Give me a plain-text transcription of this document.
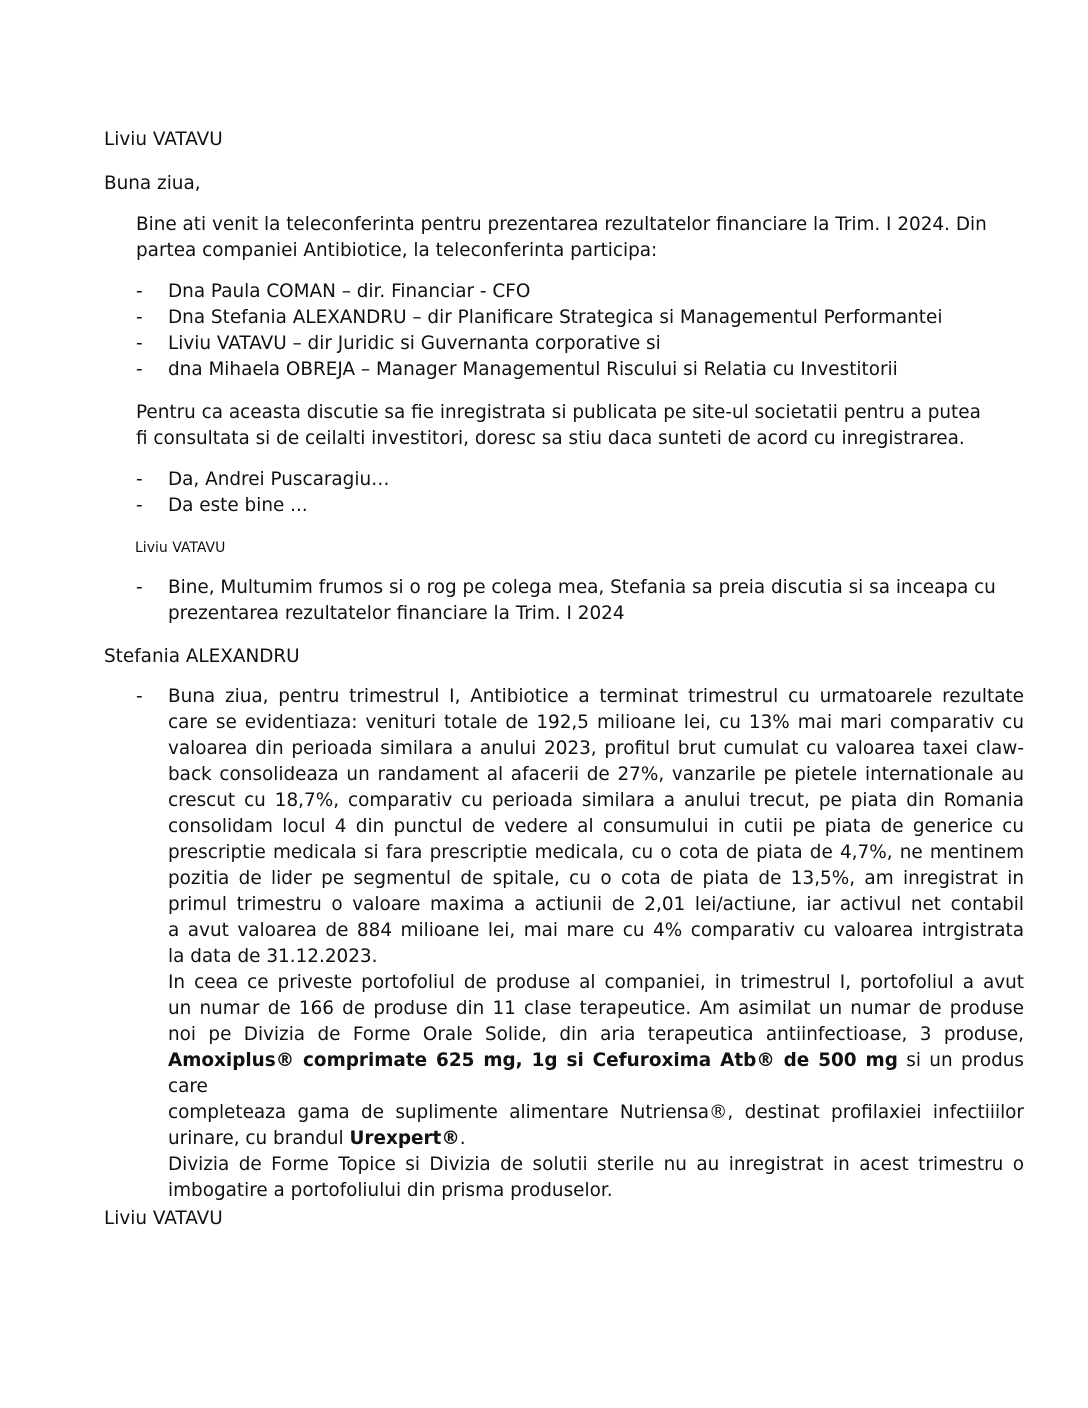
Liviu VATAVU

Buna ziua,

Bine ati venit la teleconferinta pentru prezentarea rezultatelor financiare la Trim. I 2024. Din
partea companiei Antibiotice, la teleconferinta participa:
-	Dna Paula COMAN – dir. Financiar - CFO
-	Dna Stefania ALEXANDRU – dir Planificare Strategica si Managementul Performantei
-	Liviu VATAVU – dir Juridic si Guvernanta corporative si
-	dna Mihaela OBREJA – Manager Managementul Riscului si Relatia cu Investitorii
Pentru ca aceasta discutie sa fie inregistrata si publicata pe site-ul societatii pentru a putea
fi consultata si de ceilalti investitori, doresc sa stiu daca sunteti de acord cu inregistrarea.
-	Da, Andrei Puscaragiu…
-	Da este bine ...

Liviu VATAVU

-	Bine, Multumim frumos si o rog pe colega mea, Stefania sa preia discutia si sa inceapa cu
prezentarea rezultatelor financiare la Trim. I 2024

Stefania ALEXANDRU

-	Buna ziua, pentru trimestrul I, Antibiotice a terminat trimestrul cu urmatoarele rezultate
care se evidentiaza: venituri totale de 192,5 milioane lei, cu 13% mai mari comparativ cu
valoarea din perioada similara a anului 2023, profitul brut cumulat cu valoarea taxei claw-
back consolideaza un randament al afacerii de 27%, vanzarile pe pietele internationale au
crescut cu 18,7%, comparativ cu perioada similara a anului trecut, pe piata din Romania
consolidam locul 4 din punctul de vedere al consumului in cutii pe piata de generice cu
prescriptie medicala si fara prescriptie medicala, cu o cota de piata de 4,7%, ne mentinem
pozitia de lider pe segmentul de spitale, cu o cota de piata de 13,5%, am inregistrat in
primul trimestru o valoare maxima a actiunii de 2,01 lei/actiune, iar activul net contabil
a avut valoarea de 884 milioane lei, mai mare cu 4% comparativ cu valoarea intrgistrata
la data de 31.12.2023.
In ceea ce priveste portofoliul de produse al companiei, in trimestrul I, portofoliul a avut
un numar de 166 de produse din 11 clase terapeutice. Am asimilat un numar de produse
noi pe Divizia de Forme Orale Solide, din aria terapeutica antiinfectioase, 3 produse,
Amoxiplus® comprimate 625 mg, 1g si Cefuroxima Atb® de 500 mg si un produs care
completeaza gama de suplimente alimentare Nutriensa®, destinat profilaxiei infectiiilor
urinare, cu brandul Urexpert®.
Divizia de Forme Topice si Divizia de solutii sterile nu au inregistrat in acest trimestru o
imbogatire a portofoliului din prisma produselor.

Liviu VATAVU
